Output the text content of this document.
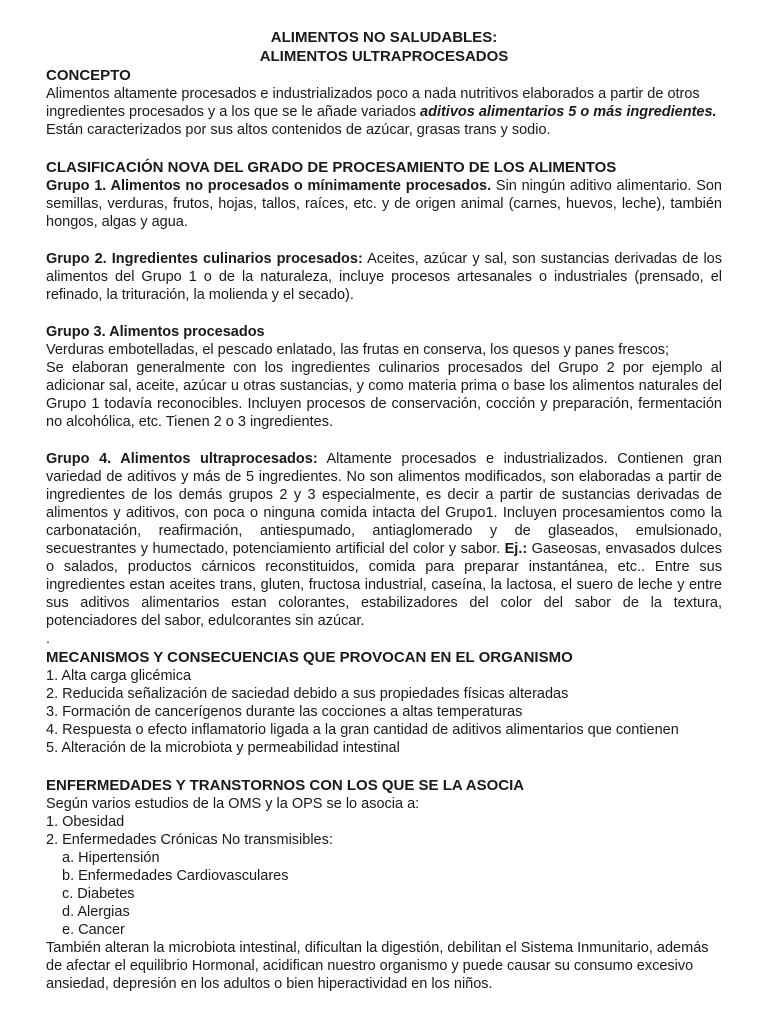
ALIMENTOS NO SALUDABLES:
ALIMENTOS ULTRAPROCESADOS
CONCEPTO

Alimentos altamente procesados e industrializados poco a nada nutritivos elaborados a partir de otros ingredientes procesados y a los que se le añade variados aditivos alimentarios 5 o más ingredientes. Están caracterizados por sus altos contenidos de azúcar, grasas trans y sodio.

CLASIFICACIÓN NOVA DEL GRADO DE PROCESAMIENTO DE LOS ALIMENTOS

Grupo 1. Alimentos no procesados o mínimamente procesados. Sin ningún aditivo alimentario. Son semillas, verduras, frutos, hojas, tallos, raíces, etc. y de origen animal (carnes, huevos, leche), también hongos, algas y agua.

Grupo 2. Ingredientes culinarios procesados: Aceites, azúcar y sal, son sustancias derivadas de los alimentos del Grupo 1 o de la naturaleza, incluye procesos artesanales o industriales (prensado, el refinado, la trituración, la molienda y el secado).

Grupo 3. Alimentos procesados

Verduras embotelladas, el pescado enlatado, las frutas en conserva, los quesos y panes frescos;

Se elaboran generalmente con los ingredientes culinarios procesados del Grupo 2 por ejemplo al adicionar sal, aceite, azúcar u otras sustancias, y como materia prima o base los alimentos naturales del Grupo 1 todavía reconocibles. Incluyen procesos de conservación, cocción y preparación, fermentación no alcohólica, etc. Tienen 2 o 3 ingredientes.

Grupo 4. Alimentos ultraprocesados: Altamente procesados e industrializados. Contienen gran variedad de aditivos y más de 5 ingredientes. No son alimentos modificados, son elaboradas a partir de ingredientes de los demás grupos 2 y 3 especialmente, es decir a partir de sustancias derivadas de alimentos y aditivos, con poca o ninguna comida intacta del Grupo1. Incluyen procesamientos como la carbonatación, reafirmación, antiespumado, antiaglomerado y de glaseados, emulsionado, secuestrantes y humectado, potenciamiento artificial del color y sabor. Ej.: Gaseosas, envasados dulces o salados, productos cárnicos reconstituidos, comida para preparar instantánea, etc.. Entre sus ingredientes estan aceites trans, gluten, fructosa industrial, caseína, la lactosa, el suero de leche y entre sus aditivos alimentarios estan colorantes, estabilizadores del color del sabor de la textura, potenciadores del sabor, edulcorantes sin azúcar.

.

MECANISMOS Y CONSECUENCIAS QUE PROVOCAN EN EL ORGANISMO

1. Alta carga glicémica

2. Reducida señalización de saciedad debido a sus propiedades físicas alteradas

3. Formación de cancerígenos durante las cocciones a altas temperaturas

4. Respuesta o efecto inflamatorio ligada a la gran cantidad de aditivos alimentarios que contienen

5. Alteración de la microbiota y permeabilidad intestinal

ENFERMEDADES Y TRANSTORNOS CON LOS QUE SE LA ASOCIA

Según varios estudios de la OMS y la OPS se lo asocia a:

1. Obesidad

2. Enfermedades Crónicas No transmisibles:

a. Hipertensión

b. Enfermedades Cardiovasculares

c. Diabetes

d. Alergias

e. Cancer

También alteran la microbiota intestinal, dificultan la digestión, debilitan el Sistema Inmunitario, además de afectar el equilibrio Hormonal, acidifican nuestro organismo y puede causar su consumo excesivo ansiedad, depresión en los adultos o bien hiperactividad en los niños.
